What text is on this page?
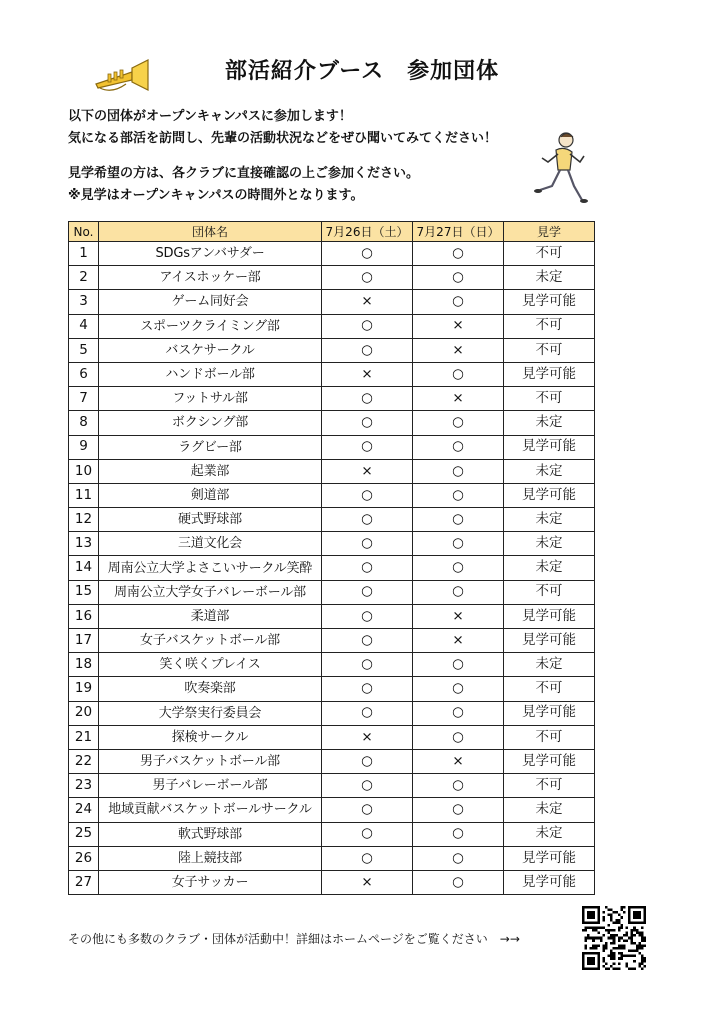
部活紹介ブース　参加団体
以下の団体がオープンキャンパスに参加します！
気になる部活を訪問し、先輩の活動状況などをぜひ聞いてみてください！
見学希望の方は、各クラブに直接確認の上ご参加ください。
※見学はオープンキャンパスの時間外となります。
No.	団体名	7月26日（土）	7月27日（日）	見学
1	SDGsアンバサダー	○	○	不可
2	アイスホッケー部	○	○	未定
3	ゲーム同好会	×	○	見学可能
4	スポーツクライミング部	○	×	不可
5	バスケサークル	○	×	不可
6	ハンドボール部	×	○	見学可能
7	フットサル部	○	×	不可
8	ボクシング部	○	○	未定
9	ラグビー部	○	○	見学可能
10	起業部	×	○	未定
11	剣道部	○	○	見学可能
12	硬式野球部	○	○	未定
13	三道文化会	○	○	未定
14	周南公立大学よさこいサークル笑酔	○	○	未定
15	周南公立大学女子バレーボール部	○	○	不可
16	柔道部	○	×	見学可能
17	女子バスケットボール部	○	×	見学可能
18	笑く咲くプレイス	○	○	未定
19	吹奏楽部	○	○	不可
20	大学祭実行委員会	○	○	見学可能
21	探検サークル	×	○	不可
22	男子バスケットボール部	○	×	見学可能
23	男子バレーボール部	○	○	不可
24	地域貢献バスケットボールサークル	○	○	未定
25	軟式野球部	○	○	未定
26	陸上競技部	○	○	見学可能
27	女子サッカー	×	○	見学可能
その他にも多数のクラブ・団体が活動中！詳細はホームページをご覧ください　→→
